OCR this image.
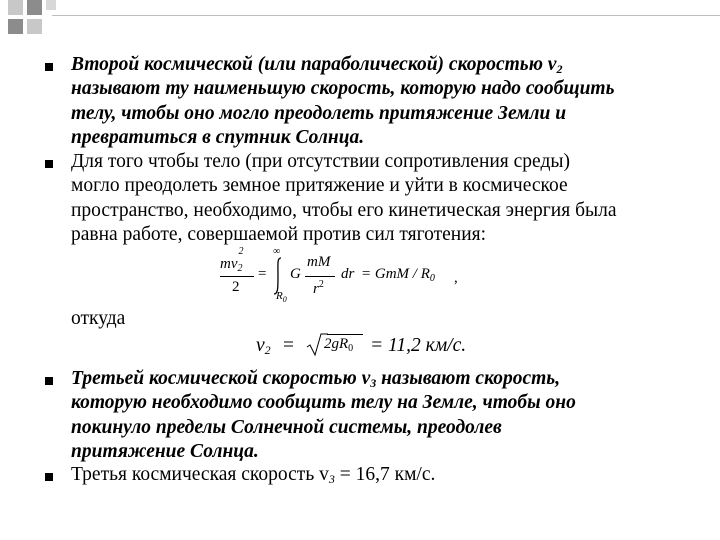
Второй космической (или параболической) скоростью $v_2$
называют ту наименьшую скорость, которую надо сообщить
телу, чтобы оно могло преодолеть притяжение Земли и
превратиться в спутник Солнца.
Для того чтобы тело (при отсутствии сопротивления среды)
могло преодолеть земное притяжение и уйти в космическое
пространство, необходимо, чтобы его кинетическая энергия была
равна работе, совершаемой против сил тяготения:
$mv_2^2$
2
=
∞
$R_0$
G
mM
$r^2$
dr = GmM / $R_0$ ,
откуда
$v_2 = 2gR_0 = 11,2$ км/с.
Третьей космической скоростью $v_3$ называют скорость,
которую необходимо сообщить телу на Земле, чтобы оно
покинуло пределы Солнечной системы, преодолев
притяжение Солнца.
Третья космическая скорость $v_3 = 16,7$ км/с.
